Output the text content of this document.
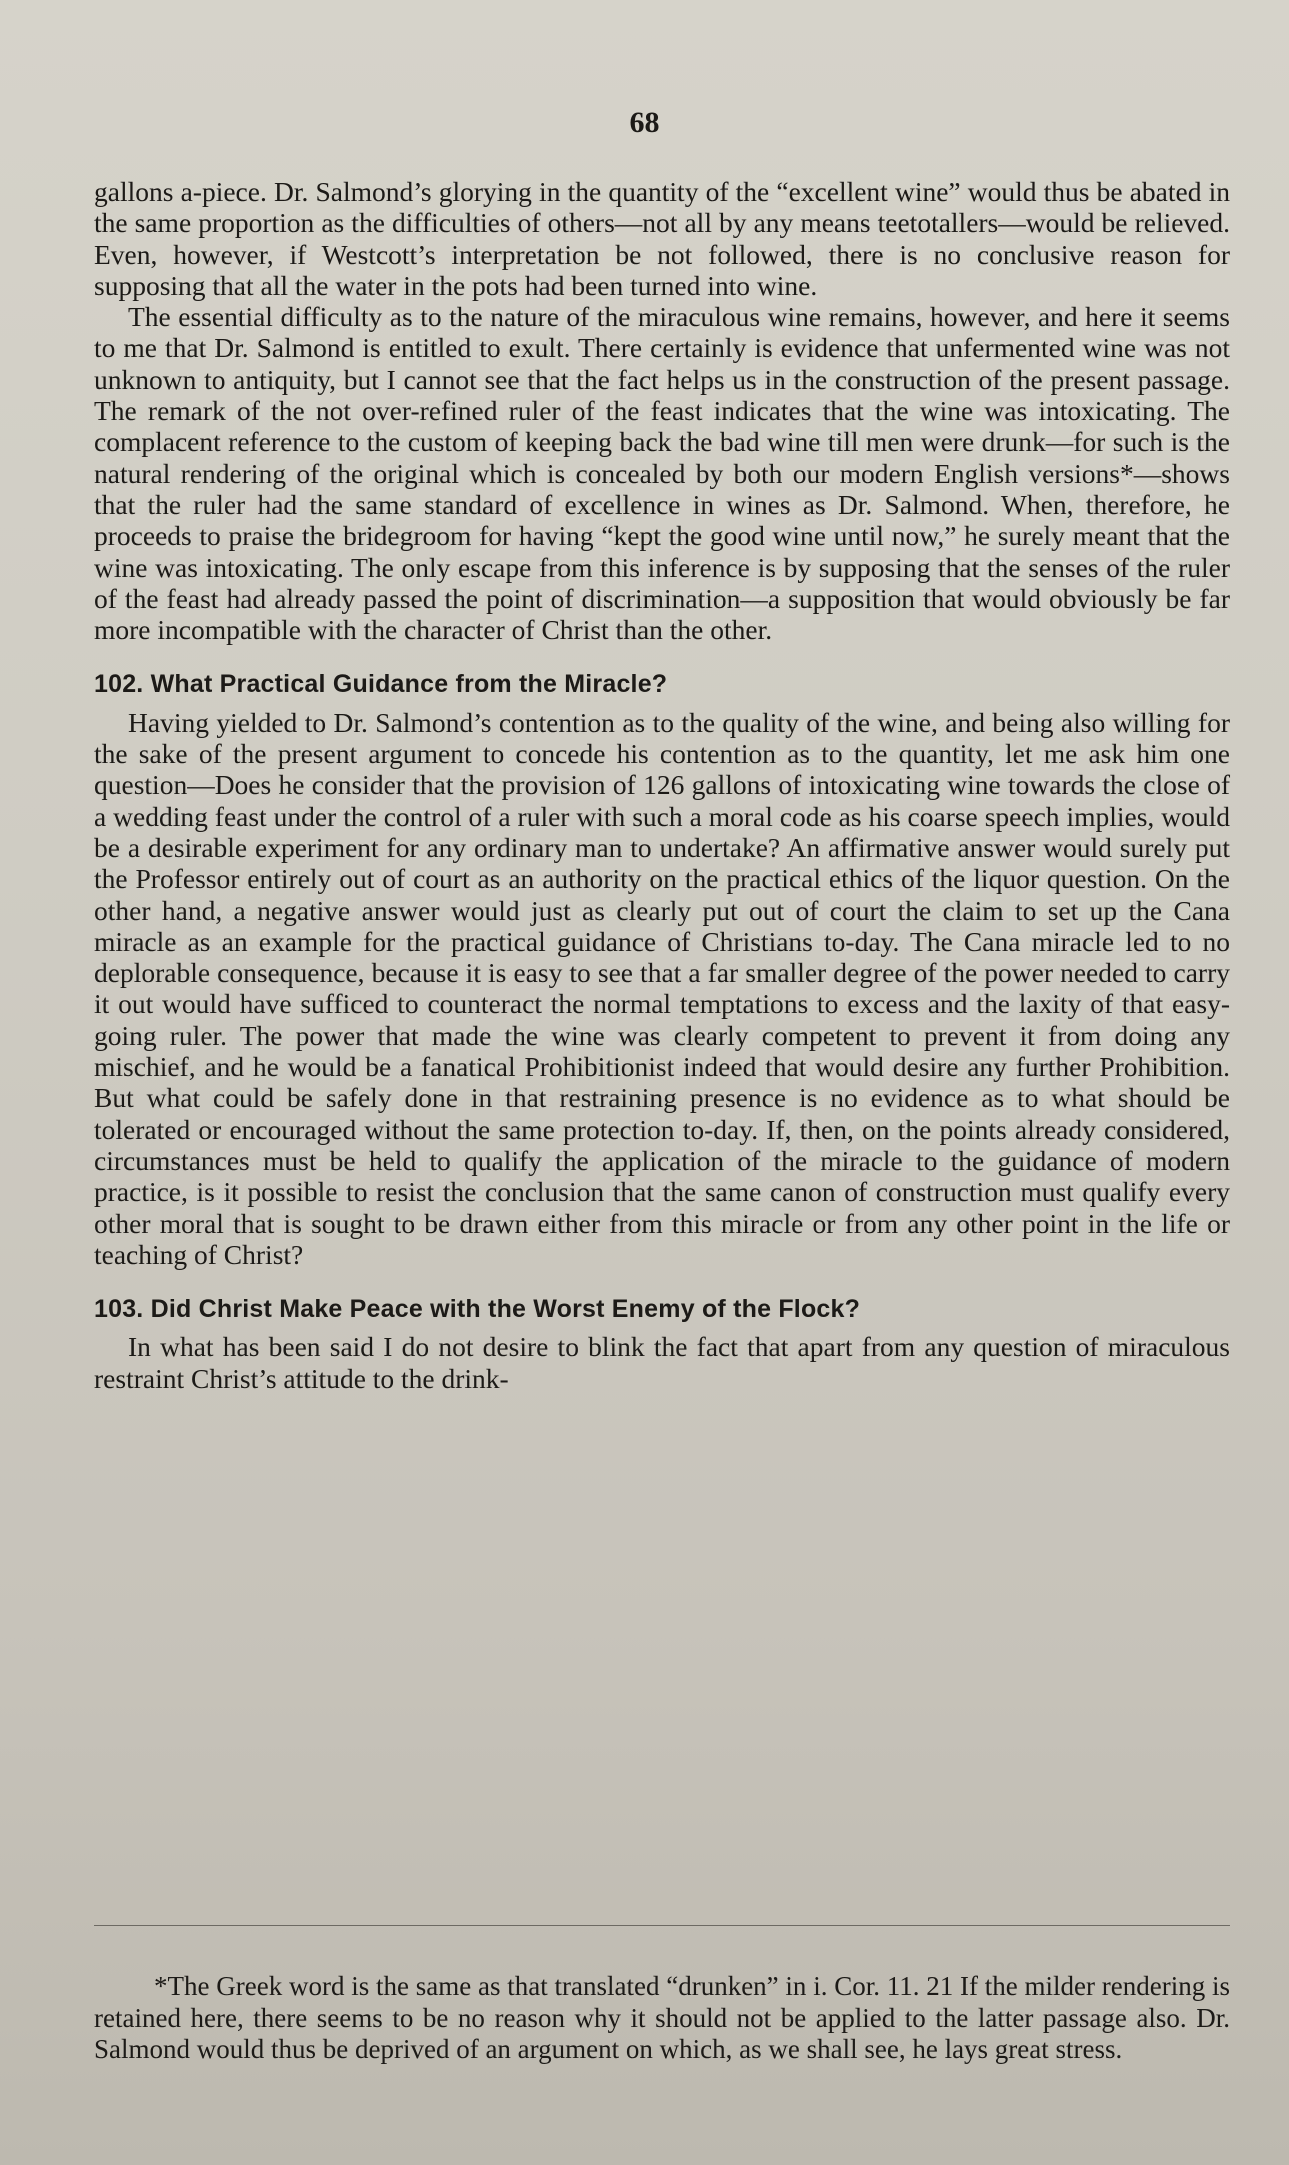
68

gallons a-piece. Dr. Salmond’s glorying in the quantity of the “excellent wine” would thus be abated in the same proportion as the difficulties of others—not all by any means teetotallers—would be relieved. Even, however, if Westcott’s interpretation be not followed, there is no conclusive reason for supposing that all the water in the pots had been turned into wine.

The essential difficulty as to the nature of the miraculous wine remains, however, and here it seems to me that Dr. Salmond is entitled to exult. There certainly is evidence that unfermented wine was not unknown to antiquity, but I cannot see that the fact helps us in the construction of the present passage. The remark of the not over-refined ruler of the feast indicates that the wine was intoxicating. The complacent reference to the custom of keeping back the bad wine till men were drunk—for such is the natural rendering of the original which is concealed by both our modern English versions*—shows that the ruler had the same standard of excellence in wines as Dr. Salmond. When, therefore, he proceeds to praise the bridegroom for having “kept the good wine until now,” he surely meant that the wine was intoxicating. The only escape from this inference is by supposing that the senses of the ruler of the feast had already passed the point of discrimination—a supposition that would obviously be far more incompatible with the character of Christ than the other.

102. What Practical Guidance from the Miracle?

Having yielded to Dr. Salmond’s contention as to the quality of the wine, and being also willing for the sake of the present argument to concede his contention as to the quantity, let me ask him one question—Does he consider that the provision of 126 gallons of intoxicating wine towards the close of a wedding feast under the control of a ruler with such a moral code as his coarse speech implies, would be a desirable experiment for any ordinary man to undertake? An affirmative answer would surely put the Professor entirely out of court as an authority on the practical ethics of the liquor question. On the other hand, a negative answer would just as clearly put out of court the claim to set up the Cana miracle as an example for the practical guidance of Christians to-day. The Cana miracle led to no deplorable consequence, because it is easy to see that a far smaller degree of the power needed to carry it out would have sufficed to counteract the normal temptations to excess and the laxity of that easy-going ruler. The power that made the wine was clearly competent to prevent it from doing any mischief, and he would be a fanatical Prohibitionist indeed that would desire any further Prohibition. But what could be safely done in that restraining presence is no evidence as to what should be tolerated or encouraged without the same protection to-day. If, then, on the points already considered, circumstances must be held to qualify the application of the miracle to the guidance of modern practice, is it possible to resist the conclusion that the same canon of construction must qualify every other moral that is sought to be drawn either from this miracle or from any other point in the life or teaching of Christ?

103. Did Christ Make Peace with the Worst Enemy of the Flock?

In what has been said I do not desire to blink the fact that apart from any question of miraculous restraint Christ’s attitude to the drink-

*The Greek word is the same as that translated “drunken” in i. Cor. 11. 21 If the milder rendering is retained here, there seems to be no reason why it should not be applied to the latter passage also. Dr. Salmond would thus be deprived of an argument on which, as we shall see, he lays great stress.
